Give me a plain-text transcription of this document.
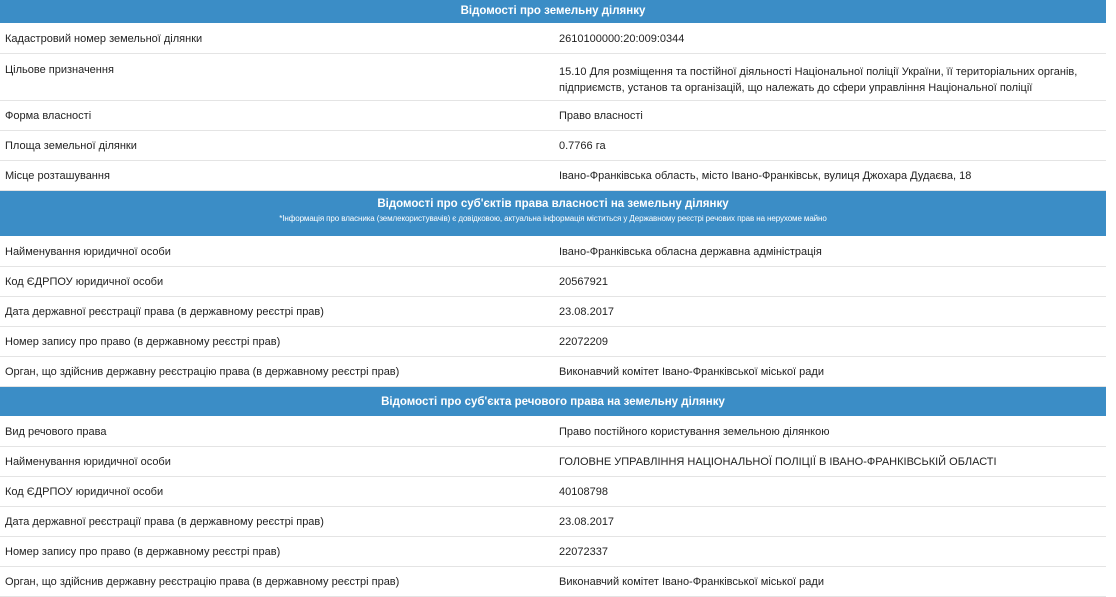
Відомості про земельну ділянку
Кадастровий номер земельної ділянки	2610100000:20:009:0344
Цільове призначення	15.10 Для розміщення та постійної діяльності Національної поліції України, її територіальних органів, підприємств, установ та організацій, що належать до сфери управління Національної поліції
Форма власності	Право власності
Площа земельної ділянки	0.7766 га
Місце розташування	Івано-Франківська область, місто Івано-Франківськ, вулиця Джохара Дудаєва, 18
Відомості про суб'єктів права власності на земельну ділянку
*Інформація про власника (землекористувачів) є довідковою, актуальна інформація міститься у Державному реєстрі речових прав на нерухоме майно
Найменування юридичної особи	Івано-Франківська обласна державна адміністрація
Код ЄДРПОУ юридичної особи	20567921
Дата державної реєстрації права (в державному реєстрі прав)	23.08.2017
Номер запису про право (в державному реєстрі прав)	22072209
Орган, що здійснив державну реєстрацію права (в державному реєстрі прав)	Виконавчий комітет Івано-Франківської міської ради
Відомості про суб'єкта речового права на земельну ділянку
Вид речового права	Право постійного користування земельною ділянкою
Найменування юридичної особи	ГОЛОВНЕ УПРАВЛІННЯ НАЦІОНАЛЬНОЇ ПОЛІЦІЇ В ІВАНО-ФРАНКІВСЬКІЙ ОБЛАСТІ
Код ЄДРПОУ юридичної особи	40108798
Дата державної реєстрації права (в державному реєстрі прав)	23.08.2017
Номер запису про право (в державному реєстрі прав)	22072337
Орган, що здійснив державну реєстрацію права (в державному реєстрі прав)	Виконавчий комітет Івано-Франківської міської ради
